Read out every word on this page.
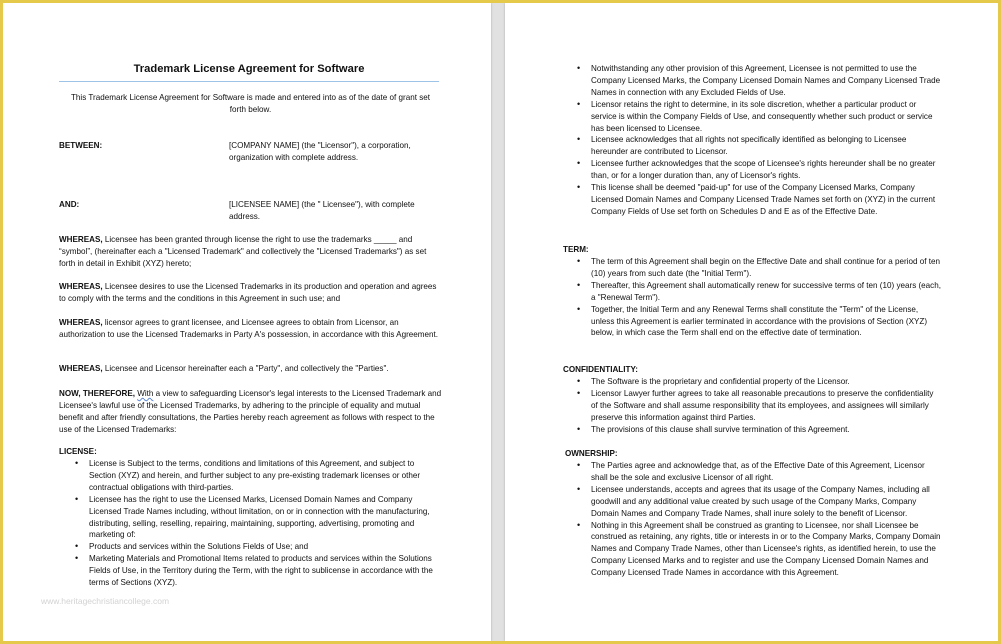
Trademark License Agreement for Software
This Trademark License Agreement for Software is made and entered into as of the date of grant set forth below.
BETWEEN:	[COMPANY NAME] (the "Licensor"), a corporation, organization with complete address.
AND:	[LICENSEE NAME] (the " Licensee"), with complete address.
WHEREAS, Licensee has been granted through license the right to use the trademarks _____ and “symbol”, (hereinafter each a "Licensed Trademark" and collectively the "Licensed Trademarks") as set forth in detail in Exhibit (XYZ) hereto;
WHEREAS, Licensee desires to use the Licensed Trademarks in its production and operation and agrees to comply with the terms and the conditions in this Agreement in such use; and
WHEREAS, licensor agrees to grant licensee, and Licensee agrees to obtain from Licensor, an authorization to use the Licensed Trademarks in Party A's possession, in accordance with this Agreement.
WHEREAS, Licensee and Licensor hereinafter each a "Party", and collectively the "Parties".
NOW, THEREFORE, With a view to safeguarding Licensor's legal interests to the Licensed Trademark and Licensee's lawful use of the Licensed Trademarks, by adhering to the principle of equality and mutual benefit and after friendly consultations, the Parties hereby reach agreement as follows with respect to the use of the Licensed Trademarks:
LICENSE:
• License is Subject to the terms, conditions and limitations of this Agreement, and subject to Section (XYZ) and herein, and further subject to any pre-existing trademark licenses or other contractual obligations with third-parties.
• Licensee has the right to use the Licensed Marks, Licensed Domain Names and Company Licensed Trade Names including, without limitation, on or in connection with the manufacturing, distributing, selling, reselling, repairing, maintaining, supporting, advertising, promoting and marketing of:
• Products and services within the Solutions Fields of Use; and
• Marketing Materials and Promotional Items related to products and services within the Solutions Fields of Use, in the Territory during the Term, with the right to sublicense in accordance with the terms of Sections (XYZ).
www.heritagechristiancollege.com
• Notwithstanding any other provision of this Agreement, Licensee is not permitted to use the Company Licensed Marks, the Company Licensed Domain Names and Company Licensed Trade Names in connection with any Excluded Fields of Use.
• Licensor retains the right to determine, in its sole discretion, whether a particular product or service is within the Company Fields of Use, and consequently whether such product or service has been licensed to Licensee.
• Licensee acknowledges that all rights not specifically identified as belonging to Licensee hereunder are contributed to Licensor.
• Licensee further acknowledges that the scope of Licensee's rights hereunder shall be no greater than, or for a longer duration than, any of Licensor's rights.
• This license shall be deemed "paid-up" for use of the Company Licensed Marks, Company Licensed Domain Names and Company Licensed Trade Names set forth on (XYZ) in the current Company Fields of Use set forth on Schedules D and E as of the Effective Date.
TERM:
• The term of this Agreement shall begin on the Effective Date and shall continue for a period of ten (10) years from such date (the "Initial Term").
• Thereafter, this Agreement shall automatically renew for successive terms of ten (10) years (each, a "Renewal Term").
• Together, the Initial Term and any Renewal Terms shall constitute the "Term" of the License, unless this Agreement is earlier terminated in accordance with the provisions of Section (XYZ) below, in which case the Term shall end on the effective date of termination.
CONFIDENTIALITY:
• The Software is the proprietary and confidential property of the Licensor.
• Licensor Lawyer further agrees to take all reasonable precautions to preserve the confidentiality of the Software and shall assume responsibility that its employees, and assignees will similarly preserve this information against third Parties.
• The provisions of this clause shall survive termination of this Agreement.
OWNERSHIP:
• The Parties agree and acknowledge that, as of the Effective Date of this Agreement, Licensor shall be the sole and exclusive Licensor of all right.
• Licensee understands, accepts and agrees that its usage of the Company Names, including all goodwill and any additional value created by such usage of the Company Marks, Company Domain Names and Company Trade Names, shall inure solely to the benefit of Licensor.
• Nothing in this Agreement shall be construed as granting to Licensee, nor shall Licensee be construed as retaining, any rights, title or interests in or to the Company Marks, Company Domain Names and Company Trade Names, other than Licensee's rights, as identified herein, to use the Company Licensed Marks and to register and use the Company Licensed Domain Names and Company Licensed Trade Names in accordance with this Agreement.
